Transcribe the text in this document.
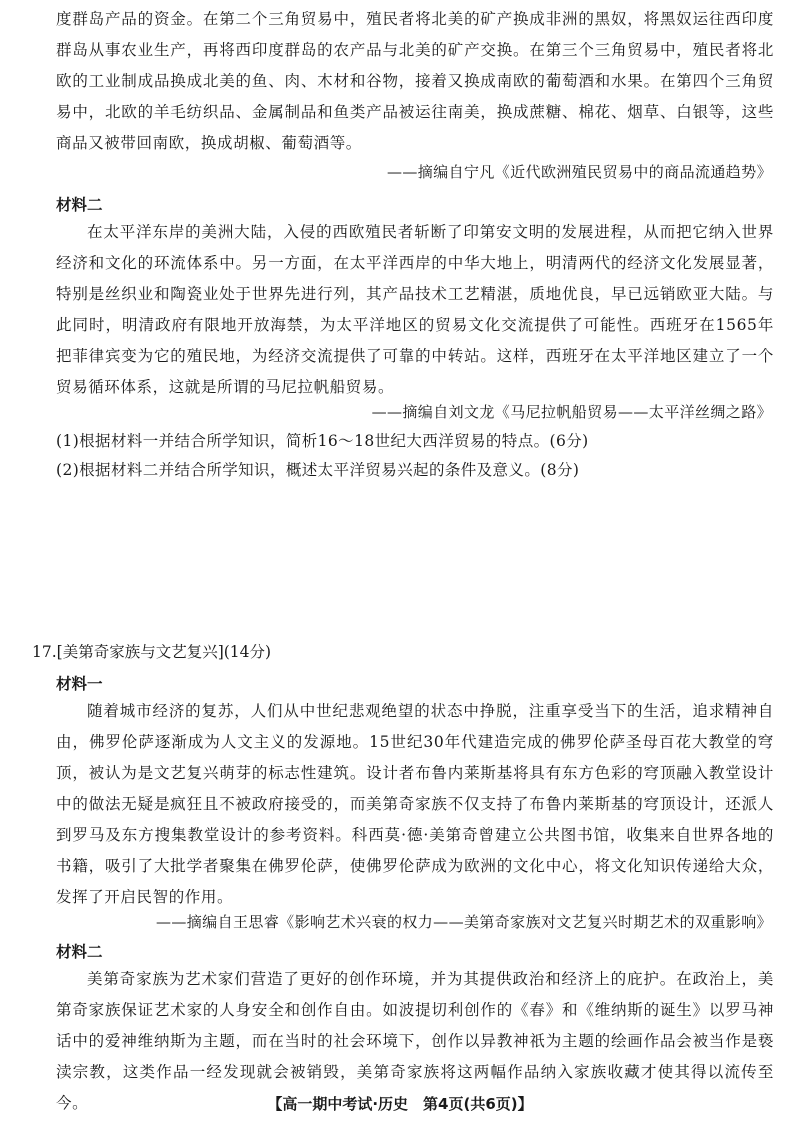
度群岛产品的资金。在第二个三角贸易中，殖民者将北美的矿产换成非洲的黑奴，将黑奴运往西印度群岛从事农业生产，再将西印度群岛的农产品与北美的矿产交换。在第三个三角贸易中，殖民者将北欧的工业制成品换成北美的鱼、肉、木材和谷物，接着又换成南欧的葡萄酒和水果。在第四个三角贸易中，北欧的羊毛纺织品、金属制品和鱼类产品被运往南美，换成蔗糖、棉花、烟草、白银等，这些商品又被带回南欧，换成胡椒、葡萄酒等。

——摘编自宁凡《近代欧洲殖民贸易中的商品流通趋势》

材料二

在太平洋东岸的美洲大陆，入侵的西欧殖民者斩断了印第安文明的发展进程，从而把它纳入世界经济和文化的环流体系中。另一方面，在太平洋西岸的中华大地上，明清两代的经济文化发展显著，特别是丝织业和陶瓷业处于世界先进行列，其产品技术工艺精湛，质地优良，早已远销欧亚大陆。与此同时，明清政府有限地开放海禁，为太平洋地区的贸易文化交流提供了可能性。西班牙在1565年把菲律宾变为它的殖民地，为经济交流提供了可靠的中转站。这样，西班牙在太平洋地区建立了一个贸易循环体系，这就是所谓的马尼拉帆船贸易。

——摘编自刘文龙《马尼拉帆船贸易——太平洋丝绸之路》

(1)根据材料一并结合所学知识，简析16～18世纪大西洋贸易的特点。(6分)

(2)根据材料二并结合所学知识，概述太平洋贸易兴起的条件及意义。(8分)

17.[美第奇家族与文艺复兴](14分)

材料一

随着城市经济的复苏，人们从中世纪悲观绝望的状态中挣脱，注重享受当下的生活，追求精神自由，佛罗伦萨逐渐成为人文主义的发源地。15世纪30年代建造完成的佛罗伦萨圣母百花大教堂的穹顶，被认为是文艺复兴萌芽的标志性建筑。设计者布鲁内莱斯基将具有东方色彩的穹顶融入教堂设计中的做法无疑是疯狂且不被政府接受的，而美第奇家族不仅支持了布鲁内莱斯基的穹顶设计，还派人到罗马及东方搜集教堂设计的参考资料。科西莫·德·美第奇曾建立公共图书馆，收集来自世界各地的书籍，吸引了大批学者聚集在佛罗伦萨，使佛罗伦萨成为欧洲的文化中心，将文化知识传递给大众，发挥了开启民智的作用。

——摘编自王思睿《影响艺术兴衰的权力——美第奇家族对文艺复兴时期艺术的双重影响》

材料二

美第奇家族为艺术家们营造了更好的创作环境，并为其提供政治和经济上的庇护。在政治上，美第奇家族保证艺术家的人身安全和创作自由。如波提切利创作的《春》和《维纳斯的诞生》以罗马神话中的爱神维纳斯为主题，而在当时的社会环境下，创作以异教神祇为主题的绘画作品会被当作是亵渎宗教，这类作品一经发现就会被销毁，美第奇家族将这两幅作品纳入家族收藏才使其得以流传至今。	【高一期中考试·历史　第4页(共6页)】
